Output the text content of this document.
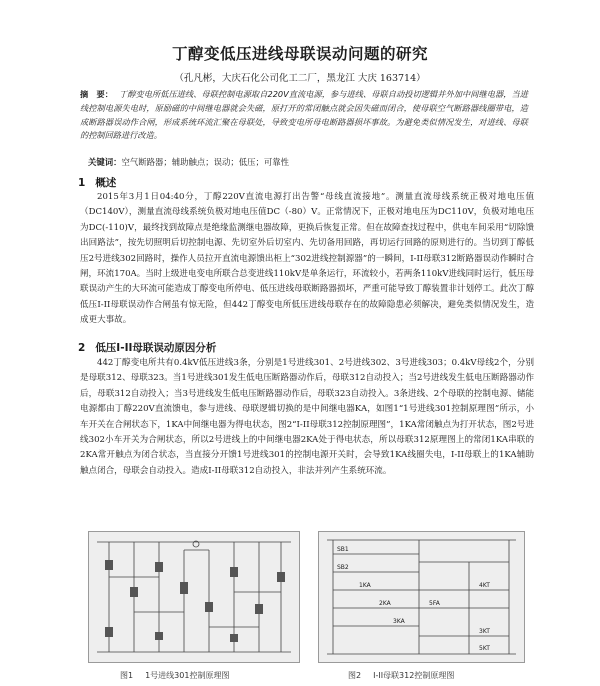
丁醇变低压进线母联误动问题的研究
（孔凡彬，大庆石化公司化工二厂，黑龙江 大庆 163714）
摘　要： 丁醇变电所低压进线、母联控制电源取自220V直流电源，参与进线、母联自动投切逻辑并外加中间继电器，当进线控制电源失电时，原励磁的中间继电器就会失磁，原打开的常闭触点就会因失磁而闭合，使母联空气断路器线圈带电，造成断路器误动作合闸，形成系统环流汇聚在母联处，导致变电所母电断路器损坏事故。为避免类似情况发生，对进线、母联的控制回路进行改造。
关键词：空气断路器；辅助触点；误动；低压；可靠性
1 概述
2015年3月1日04:40分，丁醇220V直流电源打出告警“母线直流接地”。测量直流母线系统正极对地电压值（DC140V），测量直流母线系统负极对地电压值DC（-80）V。正常情况下，正极对地电压为DC110V，负极对地电压为DC(-110)V，最终找到故障点是绝缘监测继电器故障，更换后恢复正常。但在故障查找过程中，供电车间采用“切除馈出回路法”，按先切照明后切控制电源、先切室外后切室内、先切备用回路，再切运行回路的原则进行的。当切到丁醇低压2号进线302回路时，操作人员拉开直流电源馈出柜上“302进线控制源器”的一瞬间，I-II母联312断路器误动作瞬时合闸，环流170A。当时上级进电变电所联合总变进线110kV是单条运行，环流较小，若两条110kV进线同时运行，低压母联误动产生的大环流可能造成丁醇变电所停电、低压进线母联断路器损坏，严重可能导致丁醇装置非计划停工。此次丁醇低压I-II母联误动作合闸虽有惊无险，但442丁醇变电所低压进线母联存在的故障隐患必须解决，避免类似情况发生，造成更大事故。
2 低压I-II母联误动原因分析
442丁醇变电所共有0.4kV低压进线3条，分别是1号进线301、2号进线302、3号进线303；0.4kV母线2个，分别是母联312、母联323。当1号进线301发生低电压断路器动作后，母联312自动投入；当2号进线发生低电压断路器动作后，母联312自动投入；当3号进线发生低电压断路器动作后，母联323自动投入。3条进线、2个母联的控制电源、储能电源都由丁醇220V直流馈电，参与进线、母联逻辑切换的是中间继电器KA，如图1“1号进线301控制原理图”所示，小车开关在合闸状态下，1KA中间继电器为得电状态，图2“I-II母联312控制原理图”，1KA常闭触点为打开状态，图2号进线302小车开关为合闸状态，所以2号进线上的中间继电器2KA处于得电状态，所以母联312原理图上的常闭1KA串联的2KA常开触点为闭合状态，当直接分开馈1号进线301的控制电源开关时，会导致1KA线圈失电，I-II母联上的1KA辅助触点闭合，母联会自动投入。造成I-II母联312自动投入，非法并列产生系统环流。
SB1
SB2
1KA
2KA
3KA
5FA
4KT
3KT
5KT
图1 1号进线301控制原理图	图2 I-II母联312控制原理图
